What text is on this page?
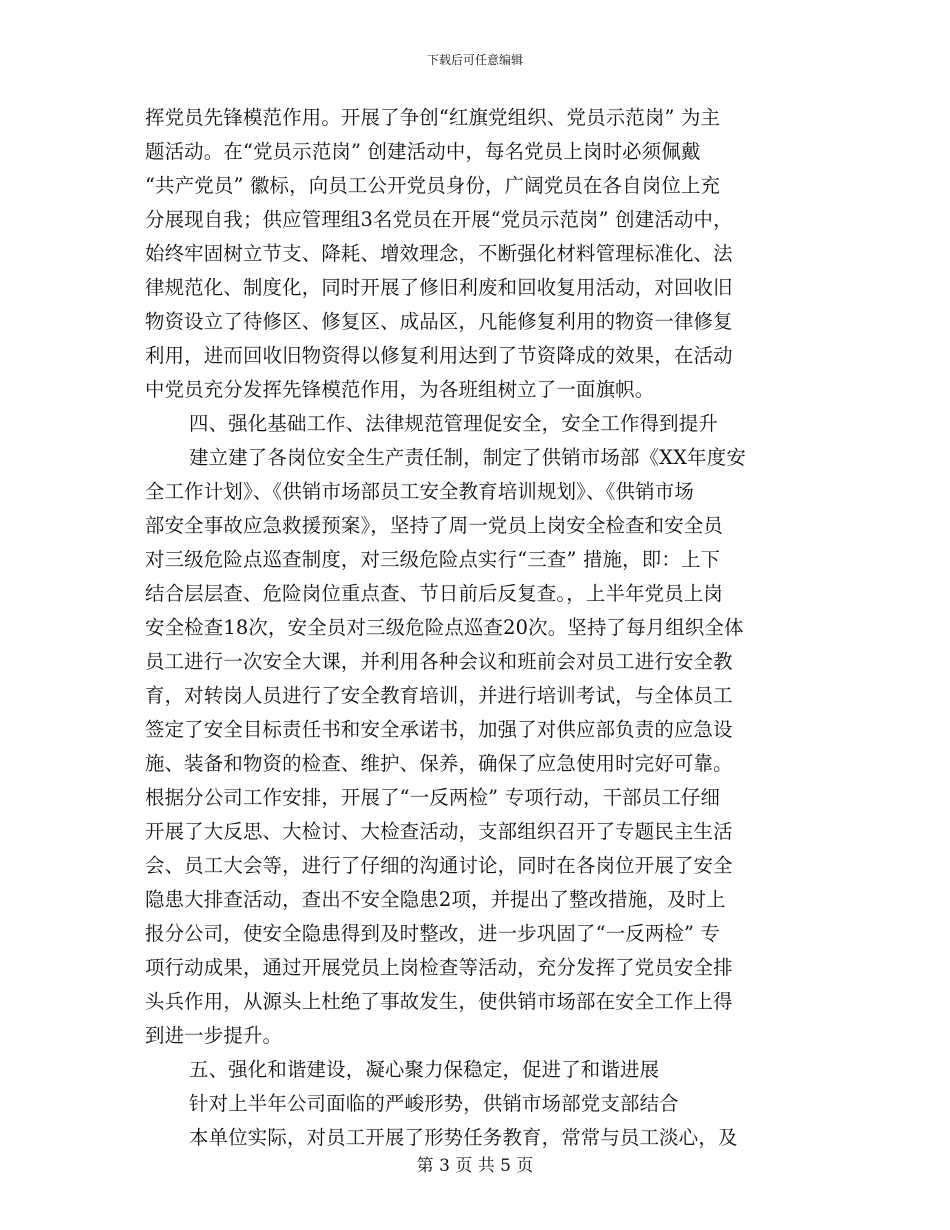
下载后可任意编辑
挥党员先锋模范作用。开展了争创“红旗党组织、党员示范岗” 为主
题活动。在“党员示范岗” 创建活动中，每名党员上岗时必须佩戴
“共产党员” 徽标，向员工公开党员身份，广阔党员在各自岗位上充
分展现自我；供应管理组3名党员在开展“党员示范岗” 创建活动中，
始终牢固树立节支、降耗、增效理念，不断强化材料管理标准化、法
律规范化、制度化，同时开展了修旧利废和回收复用活动，对回收旧
物资设立了待修区、修复区、成品区，凡能修复利用的物资一律修复
利用，进而回收旧物资得以修复利用达到了节资降成的效果，在活动
中党员充分发挥先锋模范作用，为各班组树立了一面旗帜。
四、强化基础工作、法律规范管理促安全，安全工作得到提升
建立建了各岗位安全生产责任制，制定了供销市场部《XX年度安
全工作计划》、《供销市场部员工安全教育培训规划》、《供销市场
部安全事故应急救援预案》，坚持了周一党员上岗安全检查和安全员
对三级危险点巡查制度，对三级危险点实行“三查” 措施，即：上下
结合层层查、危险岗位重点查、节日前后反复查。，上半年党员上岗
安全检查18次，安全员对三级危险点巡查20次。坚持了每月组织全体
员工进行一次安全大课，并利用各种会议和班前会对员工进行安全教
育，对转岗人员进行了安全教育培训，并进行培训考试，与全体员工
签定了安全目标责任书和安全承诺书，加强了对供应部负责的应急设
施、装备和物资的检查、维护、保养，确保了应急使用时完好可靠。
根据分公司工作安排，开展了“一反两检” 专项行动，干部员工仔细
开展了大反思、大检讨、大检查活动，支部组织召开了专题民主生活
会、员工大会等，进行了仔细的沟通讨论，同时在各岗位开展了安全
隐患大排查活动，查出不安全隐患2项，并提出了整改措施，及时上
报分公司，使安全隐患得到及时整改，进一步巩固了“一反两检” 专
项行动成果，通过开展党员上岗检查等活动，充分发挥了党员安全排
头兵作用，从源头上杜绝了事故发生，使供销市场部在安全工作上得
到进一步提升。
五、强化和谐建设，凝心聚力保稳定，促进了和谐进展
针对上半年公司面临的严峻形势，供销市场部党支部结合
本单位实际，对员工开展了形势任务教育，常常与员工淡心，及
第 3 页 共 5 页
